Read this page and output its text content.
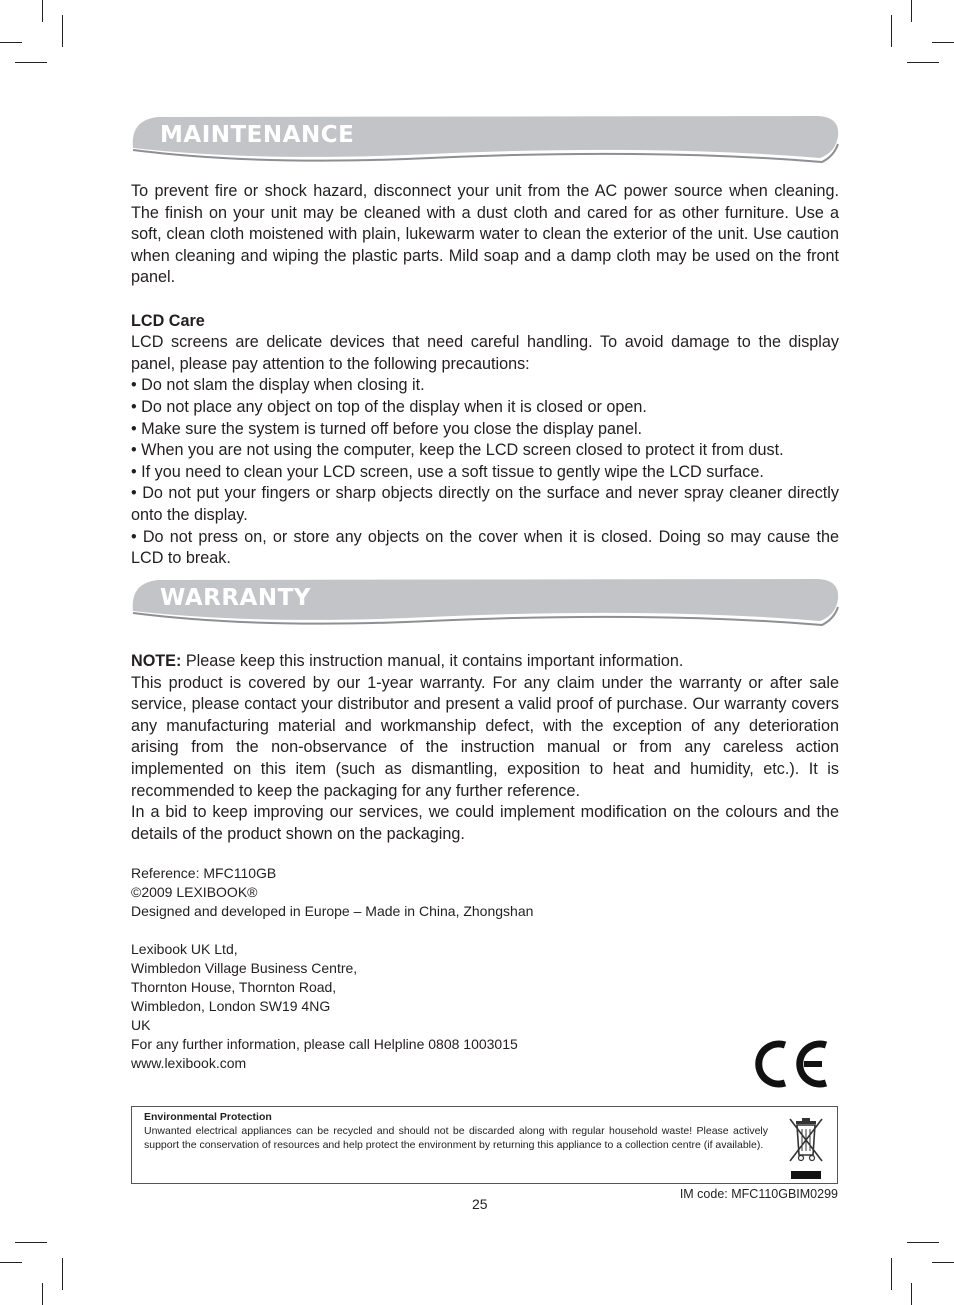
MAINTENANCE

To prevent fire or shock hazard, disconnect your unit from the AC power source when cleaning. The finish on your unit may be cleaned with a dust cloth and cared for as other furniture. Use a soft, clean cloth moistened with plain, lukewarm water to clean the exterior of the unit. Use caution when cleaning and wiping the plastic parts. Mild soap and a damp cloth may be used on the front panel.

LCD Care

LCD screens are delicate devices that need careful handling. To avoid damage to the display panel, please pay attention to the following precautions:

• Do not slam the display when closing it.

• Do not place any object on top of the display when it is closed or open.

• Make sure the system is turned off before you close the display panel.

• When you are not using the computer, keep the LCD screen closed to protect it from dust.

• If you need to clean your LCD screen, use a soft tissue to gently wipe the LCD surface.

• Do not put your fingers or sharp objects directly on the surface and never spray cleaner directly onto the display.

• Do not press on, or store any objects on the cover when it is closed. Doing so may cause the LCD to break.

WARRANTY

NOTE: Please keep this instruction manual, it contains important information.

This product is covered by our 1-year warranty. For any claim under the warranty or after sale service, please contact your distributor and present a valid proof of purchase. Our warranty covers any manufacturing material and workmanship defect, with the exception of any deterioration arising from the non-observance of the instruction manual or from any careless action implemented on this item (such as dismantling, exposition to heat and humidity, etc.). It is recommended to keep the packaging for any further reference.

In a bid to keep improving our services, we could implement modification on the colours and the details of the product shown on the packaging.

Reference: MFC110GB

©2009 LEXIBOOK®

Designed and developed in Europe – Made in China, Zhongshan

Lexibook UK Ltd,

Wimbledon Village Business Centre,

Thornton House, Thornton Road,

Wimbledon, London SW19 4NG

UK

For any further information, please call Helpline 0808 1003015

www.lexibook.com

Environmental Protection
Unwanted electrical appliances can be recycled and should not be discarded along with regular household waste! Please actively support the conservation of resources and help protect the environment by returning this appliance to a collection centre (if available).
25
IM code: MFC110GBIM0299
